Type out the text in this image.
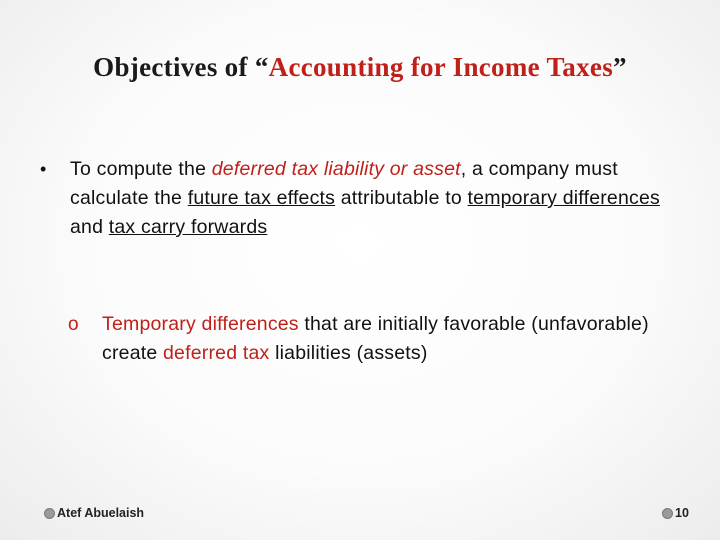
Objectives of “Accounting for Income Taxes”
• To compute the deferred tax liability or asset, a company must calculate the future tax effects attributable to temporary differences and tax carry forwards
o Temporary differences that are initially favorable (unfavorable) create deferred tax liabilities (assets)
Atef Abuelaish	10
